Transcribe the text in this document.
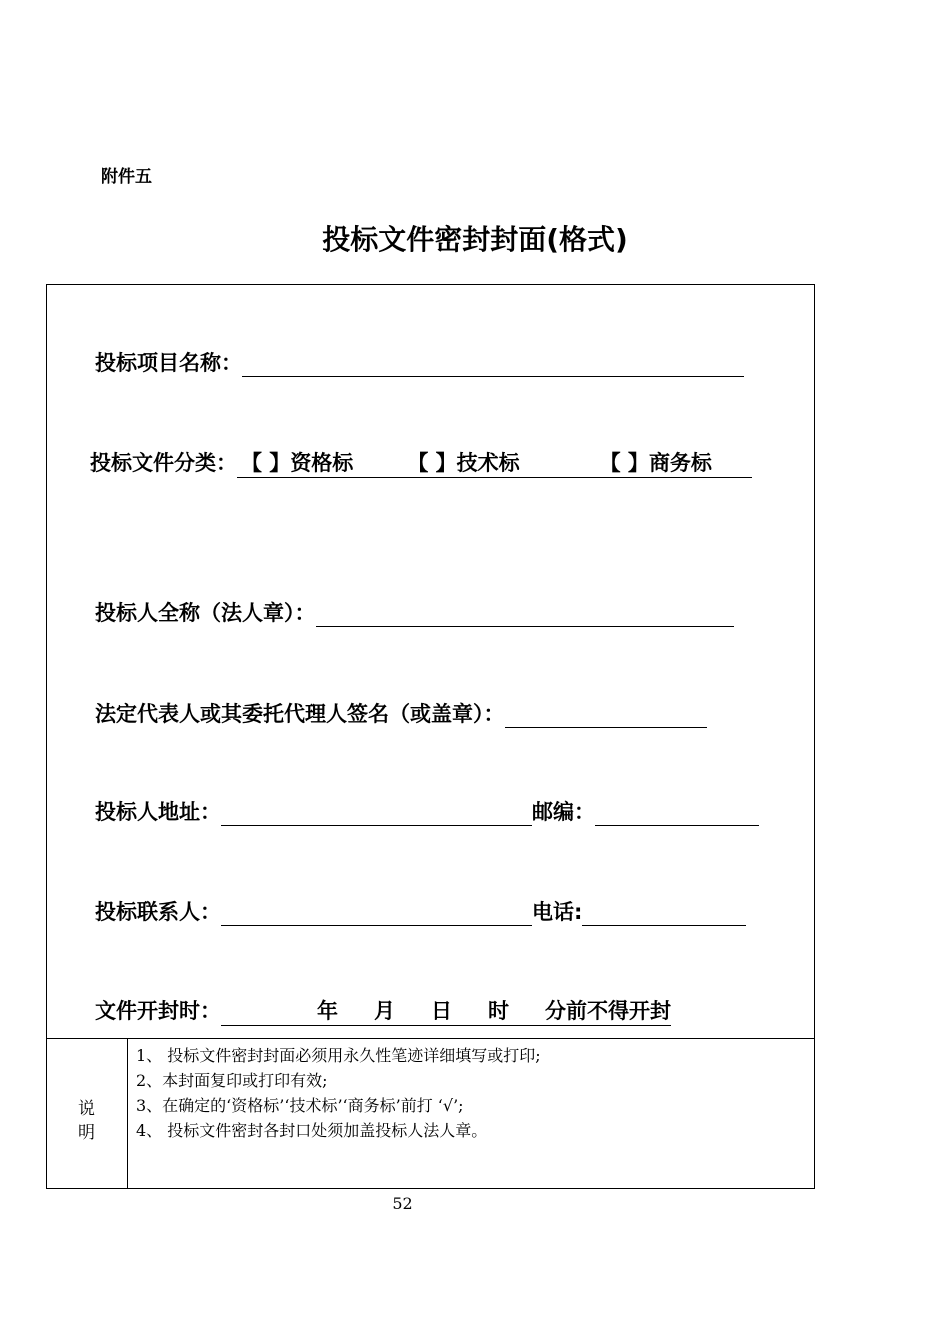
附件五
投标文件密封封面(格式)
投标项目名称：
投标文件分类： 【 】资格标	【 】技术标	【 】商务标
投标人全称（法人章）：
法定代表人或其委托代理人签名（或盖章）：
投标人地址：	邮编：
投标联系人：	电话:
文件开封时：	年 月 日 时 分前不得开封
说
明
1、 投标文件密封封面必须用永久性笔迹详细填写或打印;
2、本封面复印或打印有效;
3、在确定的‘资格标’‘技术标’‘商务标’前打 ‘√’;
4、 投标文件密封各封口处须加盖投标人法人章。
52
